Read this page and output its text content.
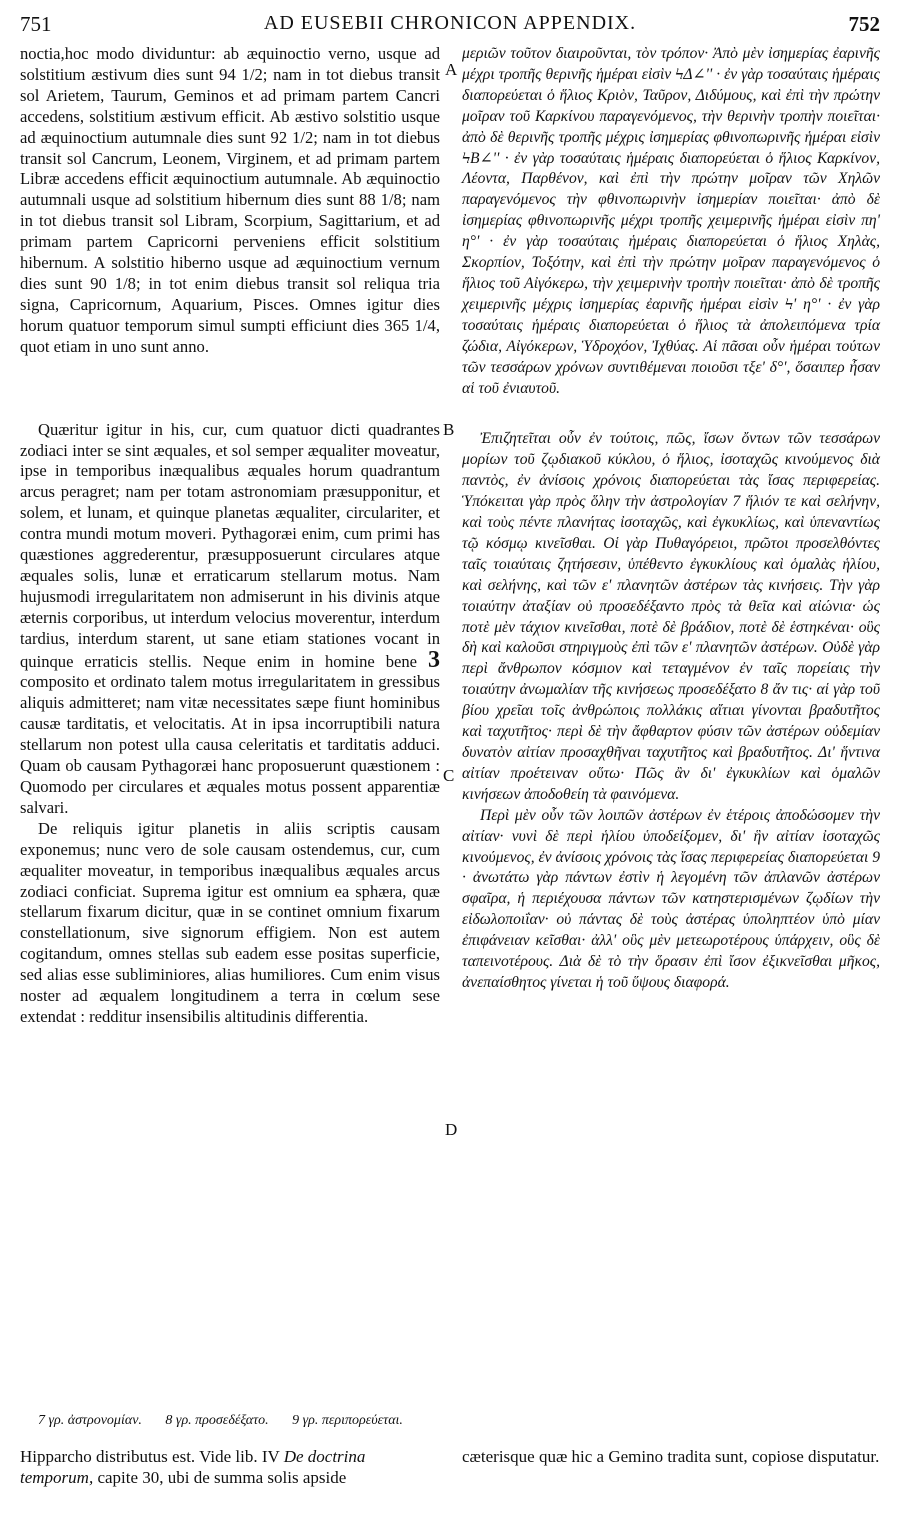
751	AD EUSEBII CHRONICON APPENDIX.	752

noctia,hoc modo dividuntur: ab æquinoctio verno, usque ad solstitium æstivum dies sunt 94 1/2; nam in tot diebus transit sol Arietem, Taurum, Geminos et ad primam partem Cancri accedens, solstitium æstivum efficit. Ab æstivo solstitio usque ad æquinoctium autumnale dies sunt 92 1/2; nam in tot diebus transit sol Cancrum, Leonem, Virginem, et ad primam partem Libræ accedens efficit æquinoctium autumnale. Ab æquinoctio autumnali usque ad solstitium hibernum dies sunt 88 1/8; nam in tot diebus transit sol Libram, Scorpium, Sagittarium, et ad primam partem Capricorni perveniens efficit solstitium hibernum. A solstitio hiberno usque ad æquinoctium vernum dies sunt 90 1/8; in tot enim diebus transit sol reliqua tria signa, Capricornum, Aquarium, Pisces. Omnes igitur dies horum quatuor temporum simul sumpti efficiunt dies 365 1/4, quot etiam in uno sunt anno.

Quæritur igitur in his, cur, cum quatuor dicti quadrantes zodiaci inter se sint æquales, et sol semper æqualiter moveatur, ipse in temporibus inæqualibus æquales horum quadrantum arcus peragret; nam per totam astronomiam præsupponitur, et solem, et lunam, et quinque planetas æqualiter, circulariter, et contra mundi motum moveri. Pythagoræi enim, cum primi has quæstiones aggrederentur, præsupposuerunt circulares atque æquales solis, lunæ et erraticarum stellarum motus. Nam hujusmodi irregularitatem non admiserunt in his divinis atque æternis corporibus, ut interdum velocius moverentur, interdum tardius, interdum starent, ut sane etiam stationes vocant in quinque erraticis stellis. Neque enim in homine bene 3 composito et ordinato talem motus irregularitatem in gressibus aliquis admitteret; nam vitæ necessitates sæpe fiunt hominibus causæ tarditatis, et velocitatis. At in ipsa incorruptibili natura stellarum non potest ulla causa celeritatis et tarditatis adduci. Quam ob causam Pythagoræi hanc proposuerunt quæstionem : Quomodo per circulares et æquales motus possent apparentiæ salvari.

De reliquis igitur planetis in aliis scriptis causam exponemus; nunc vero de sole causam ostendemus, cur, cum æqualiter moveatur, in temporibus inæqualibus æquales arcus zodiaci conficiat. Suprema igitur est omnium ea sphæra, quæ stellarum fixarum dicitur, quæ in se continet omnium fixarum constellationum, sive signorum effigiem. Non est autem cogitandum, omnes stellas sub eadem esse positas superficie, sed alias esse subliminiores, alias humiliores. Cum enim visus noster ad æqualem longitudinem a terra in cœlum sese extendat : redditur insensibilis altitudinis differentia.

A
B
C
D

μεριῶν τοῦτον διαιροῦνται, τὸν τρόπον· Ἀπὸ μὲν ἰσημερίας ἐαρινῆς μέχρι τροπῆς θερινῆς ἡμέραι εἰσὶν ϞΔ∠'' · ἐν γὰρ τοσαύταις ἡμέραις διαπορεύεται ὁ ἥλιος Κριὸν, Ταῦρον, Διδύμους, καὶ ἐπὶ τὴν πρώτην μοῖραν τοῦ Καρκίνου παραγενόμενος, τὴν θερινὴν τροπὴν ποιεῖται· ἀπὸ δὲ θερινῆς τροπῆς μέχρις ἰσημερίας φθινοπωρινῆς ἡμέραι εἰσὶν ϞΒ∠'' · ἐν γὰρ τοσαύταις ἡμέραις διαπορεύεται ὁ ἥλιος Καρκίνον, Λέοντα, Παρθένον, καὶ ἐπὶ τὴν πρώτην μοῖραν τῶν Χηλῶν παραγενόμενος τὴν φθινοπωρινὴν ἰσημερίαν ποιεῖται· ἀπὸ δὲ ἰσημερίας φθινοπωρινῆς μέχρι τροπῆς χειμερινῆς ἡμέραι εἰσὶν πη' η°' · ἐν γὰρ τοσαύταις ἡμέραις διαπορεύεται ὁ ἥλιος Χηλὰς, Σκορπίον, Τοξότην, καὶ ἐπὶ τὴν πρώτην μοῖραν παραγενόμενος ὁ ἥλιος τοῦ Αἰγόκερω, τὴν χειμερινὴν τροπὴν ποιεῖται· ἀπὸ δὲ τροπῆς χειμερινῆς μέχρις ἰσημερίας ἐαρινῆς ἡμέραι εἰσὶν Ϟ' η°' · ἐν γὰρ τοσαύταις ἡμέραις διαπορεύεται ὁ ἥλιος τὰ ἀπολειπόμενα τρία ζώδια, Αἰγόκερων, Ὑδροχόον, Ἰχθύας. Αἱ πᾶσαι οὖν ἡμέραι τούτων τῶν τεσσάρων χρόνων συντιθέμεναι ποιοῦσι τξε' δ°', ὅσαιπερ ἦσαν αἱ τοῦ ἐνιαυτοῦ.

Ἐπιζητεῖται οὖν ἐν τούτοις, πῶς, ἴσων ὄντων τῶν τεσσάρων μορίων τοῦ ζῳδιακοῦ κύκλου, ὁ ἥλιος, ἰσοταχῶς κινούμενος διὰ παντὸς, ἐν ἀνίσοις χρόνοις διαπορεύεται τὰς ἴσας περιφερείας. Ὑπόκειται γὰρ πρὸς ὅλην τὴν ἀστρολογίαν 7 ἥλιόν τε καὶ σελήνην, καὶ τοὺς πέντε πλανήτας ἰσοταχῶς, καὶ ἐγκυκλίως, καὶ ὑπεναντίως τῷ κόσμῳ κινεῖσθαι. Οἱ γὰρ Πυθαγόρειοι, πρῶτοι προσελθόντες ταῖς τοιαύταις ζητήσεσιν, ὑπέθεντο ἐγκυκλίους καὶ ὁμαλὰς ἡλίου, καὶ σελήνης, καὶ τῶν ε' πλανητῶν ἀστέρων τὰς κινήσεις. Τὴν γὰρ τοιαύτην ἀταξίαν οὐ προσεδέξαντο πρὸς τὰ θεῖα καὶ αἰώνια· ὡς ποτὲ μὲν τάχιον κινεῖσθαι, ποτὲ δὲ βράδιον, ποτὲ δὲ ἑστηκέναι· οὓς δὴ καὶ καλοῦσι στηριγμοὺς ἐπὶ τῶν ε' πλανητῶν ἀστέρων. Οὐδὲ γὰρ περὶ ἄνθρωπον κόσμιον καὶ τεταγμένον ἐν ταῖς πορείαις τὴν τοιαύτην ἀνωμαλίαν τῆς κινήσεως προσεδέξατο 8 ἄν τις· αἱ γὰρ τοῦ βίου χρεῖαι τοῖς ἀνθρώποις πολλάκις αἴτιαι γίνονται βραδυτῆτος καὶ ταχυτῆτος· περὶ δὲ τὴν ἄφθαρτον φύσιν τῶν ἀστέρων οὐδεμίαν δυνατὸν αἰτίαν προσαχθῆναι ταχυτῆτος καὶ βραδυτῆτος. Δι' ἥντινα αἰτίαν προέτειναν οὕτω· Πῶς ἂν δι' ἐγκυκλίων καὶ ὁμαλῶν κινήσεων ἀποδοθείη τὰ φαινόμενα.

Περὶ μὲν οὖν τῶν λοιπῶν ἀστέρων ἐν ἑτέροις ἀποδώσομεν τὴν αἰτίαν· νυνὶ δὲ περὶ ἡλίου ὑποδείξομεν, δι' ἣν αἰτίαν ἰσοταχῶς κινούμενος, ἐν ἀνίσοις χρόνοις τὰς ἴσας περιφερείας διαπορεύεται 9 · ἀνωτάτω γὰρ πάντων ἐστὶν ἡ λεγομένη τῶν ἀπλανῶν ἀστέρων σφαῖρα, ἡ περιέχουσα πάντων τῶν κατηστερισμένων ζῳδίων τὴν εἰδωλοποιΐαν· οὐ πάντας δὲ τοὺς ἀστέρας ὑποληπτέον ὑπὸ μίαν ἐπιφάνειαν κεῖσθαι· ἀλλ' οὓς μὲν μετεωροτέρους ὑπάρχειν, οὓς δὲ ταπεινοτέρους. Διὰ δὲ τὸ τὴν ὅρασιν ἐπὶ ἴσον ἐξικνεῖσθαι μῆκος, ἀνεπαίσθητος γίνεται ἡ τοῦ ὕψους διαφορά.

7 γρ. ἀστρονομίαν. 8 γρ. προσεδέξατο. 9 γρ. περιπορεύεται.
Hipparcho distributus est. Vide lib. IV De doctrina temporum, capite 30, ubi de summa solis apside
cæterisque quæ hic a Gemino tradita sunt, copiose disputatur.
